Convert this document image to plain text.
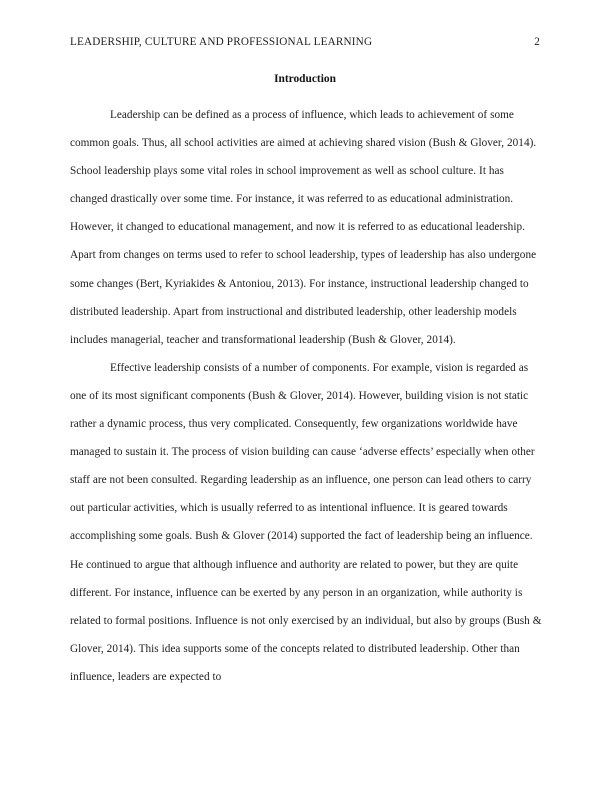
LEADERSHIP, CULTURE AND PROFESSIONAL LEARNING	2
Introduction

Leadership can be defined as a process of influence, which leads to achievement of some common goals. Thus, all school activities are aimed at achieving shared vision (Bush & Glover, 2014). School leadership plays some vital roles in school improvement as well as school culture. It has changed drastically over some time. For instance, it was referred to as educational administration. However, it changed to educational management, and now it is referred to as educational leadership. Apart from changes on terms used to refer to school leadership, types of leadership has also undergone some changes (Bert, Kyriakides & Antoniou, 2013). For instance, instructional leadership changed to distributed leadership. Apart from instructional and distributed leadership, other leadership models includes managerial, teacher and transformational leadership (Bush & Glover, 2014).

Effective leadership consists of a number of components. For example, vision is regarded as one of its most significant components (Bush & Glover, 2014). However, building vision is not static rather a dynamic process, thus very complicated. Consequently, few organizations worldwide have managed to sustain it. The process of vision building can cause ‘adverse effects’ especially when other staff are not been consulted. Regarding leadership as an influence, one person can lead others to carry out particular activities, which is usually referred to as intentional influence. It is geared towards accomplishing some goals. Bush & Glover (2014) supported the fact of leadership being an influence. He continued to argue that although influence and authority are related to power, but they are quite different. For instance, influence can be exerted by any person in an organization, while authority is related to formal positions. Influence is not only exercised by an individual, but also by groups (Bush & Glover, 2014). This idea supports some of the concepts related to distributed leadership. Other than influence, leaders are expected to
